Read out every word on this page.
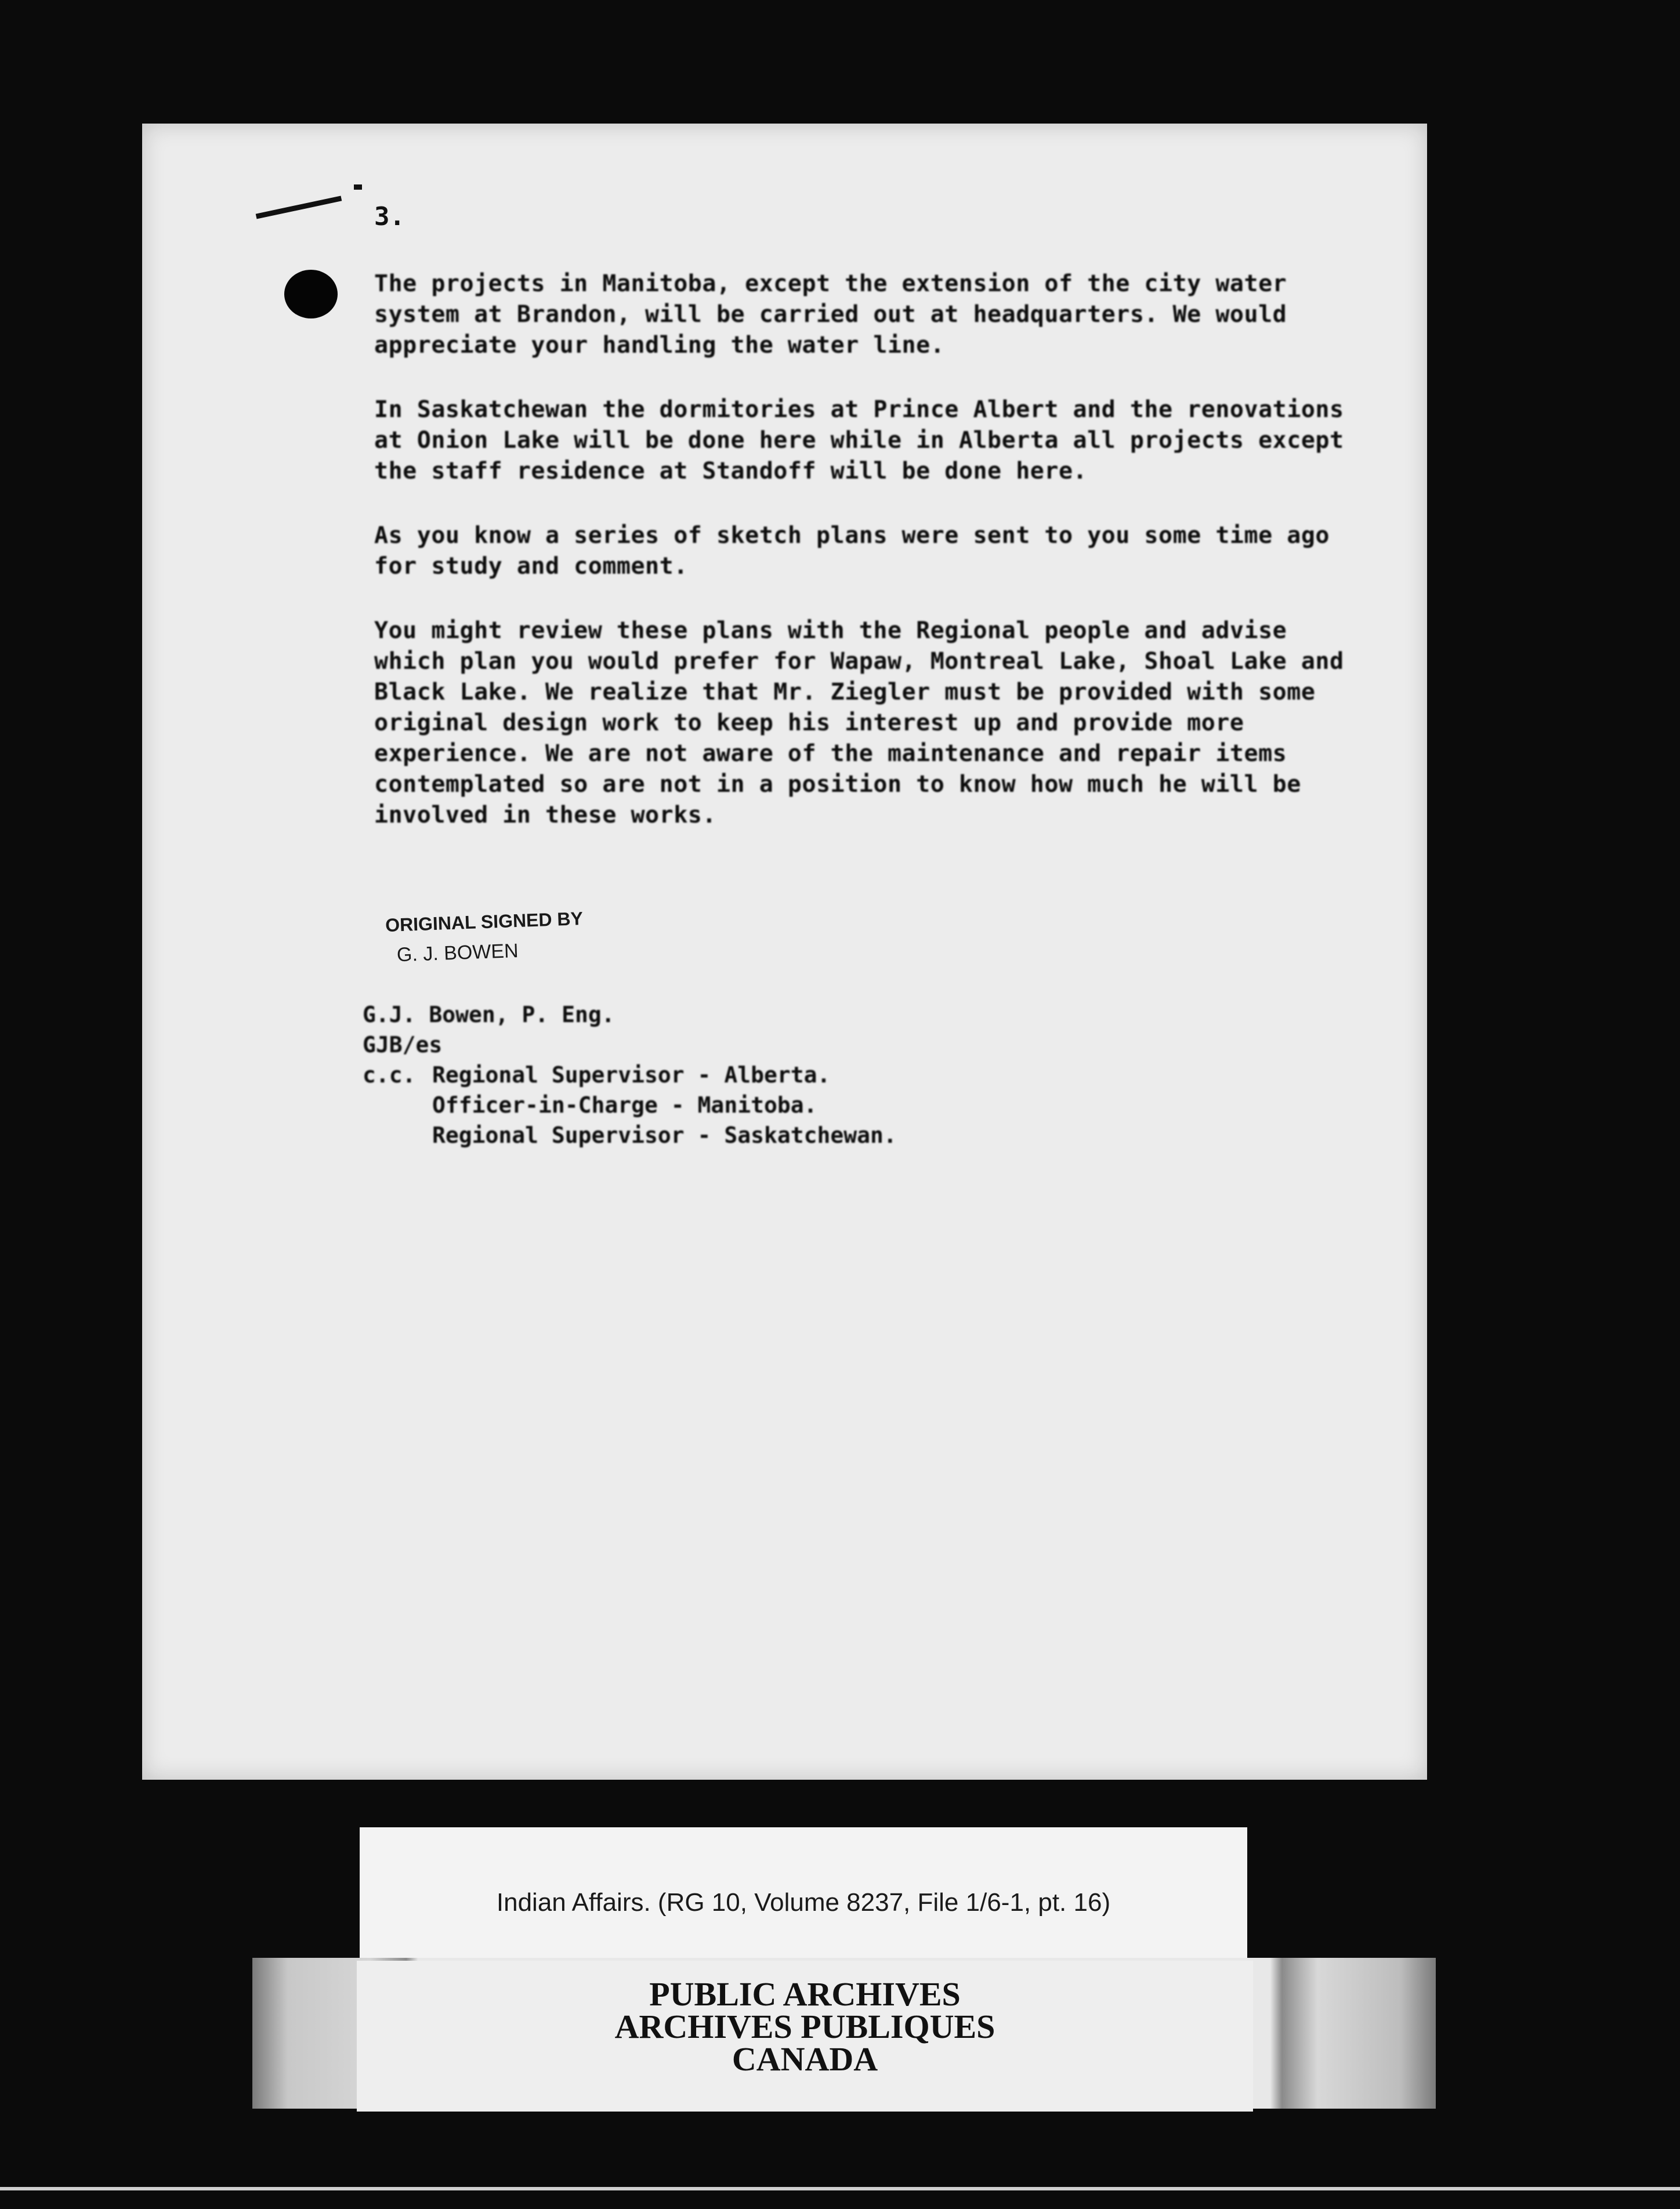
3.

The projects in Manitoba, except the extension of the city water system at Brandon, will be carried out at headquarters. We would appreciate your handling the water line.

In Saskatchewan the dormitories at Prince Albert and the renovations at Onion Lake will be done here while in Alberta all projects except the staff residence at Standoff will be done here.

As you know a series of sketch plans were sent to you some time ago for study and comment.

You might review these plans with the Regional people and advise which plan you would prefer for Wapaw, Montreal Lake, Shoal Lake and Black Lake. We realize that Mr. Ziegler must be provided with some original design work to keep his interest up and provide more experience. We are not aware of the maintenance and repair items contemplated so are not in a position to know how much he will be involved in these works.

ORIGINAL SIGNED BY
G. J. BOWEN
G.J. Bowen, P. Eng.
GJB/es
c.c. Regional Supervisor - Alberta.
Officer-in-Charge - Manitoba.
Regional Supervisor - Saskatchewan.
Indian Affairs. (RG 10, Volume 8237, File 1/6-1, pt. 16)
PUBLIC ARCHIVES
ARCHIVES PUBLIQUES
CANADA
